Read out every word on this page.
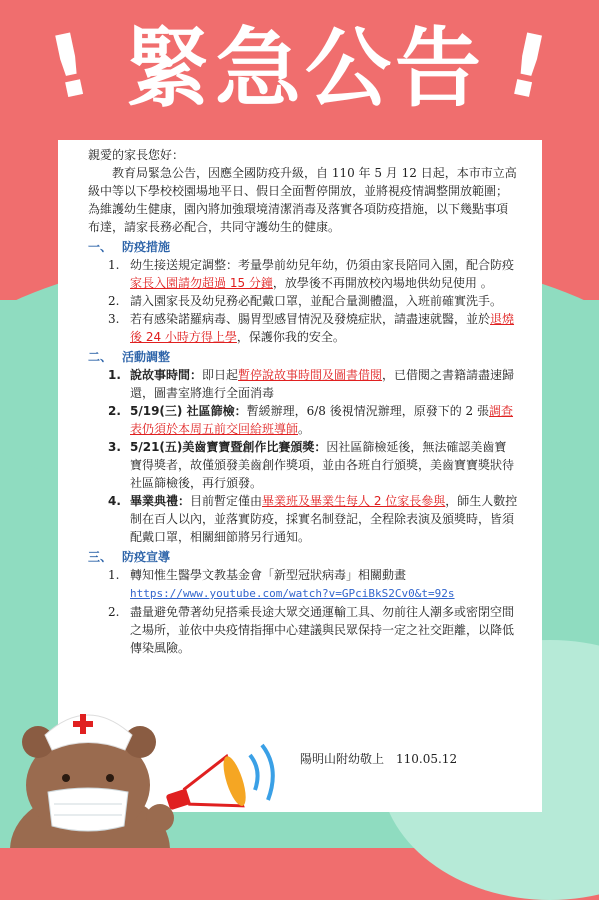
! 緊急公告 !

親愛的家長您好：

教育局緊急公告，因應全國防疫升級，自 110 年 5 月 12 日起，本市市立高級中等以下學校校園場地平日、假日全面暫停開放，並將視疫情調整開放範圍；為維護幼生健康，園內將加強環境清潔消毒及落實各項防疫措施，以下幾點事項布達，請家長務必配合，共同守護幼生的健康。

一、 防疫措施
1. 幼生接送規定調整：考量學前幼兒年幼，仍須由家長陪同入園，配合防疫家長入園請勿超過 15 分鐘，放學後不再開放校內場地供幼兒使用 。
2. 請入園家長及幼兒務必配戴口罩，並配合量測體溫，入班前確實洗手。
3. 若有感染諾羅病毒、腸胃型感冒情況及發燒症狀，請盡速就醫，並於退燒後 24 小時方得上學，保護你我的安全。
二、 活動調整
1. 說故事時間：即日起暫停說故事時間及圖書借閱，已借閱之書籍請盡速歸還，圖書室將進行全面消毒
2. 5/19(三) 社區篩檢：暫緩辦理，6/8 後視情況辦理，原發下的 2 張調查表仍須於本周五前交回給班導師。
3. 5/21(五)美齒寶寶暨創作比賽頒獎：因社區篩檢延後，無法確認美齒寶寶得獎者，故僅頒發美齒創作獎項，並由各班自行頒獎，美齒寶寶獎狀待社區篩檢後，再行頒發。
4. 畢業典禮：目前暫定僅由畢業班及畢業生每人 2 位家長參與，師生人數控制在百人以內，並落實防疫，採實名制登記，全程除表演及頒獎時，皆須配戴口罩，相關細節將另行通知。
三、 防疫宣導
1. 轉知惟生醫學文教基金會「新型冠狀病毒」相關動畫
https://www.youtube.com/watch?v=GPciBkS2Cv0&t=92s
2. 盡量避免帶著幼兒搭乘長途大眾交通運輸工具、勿前往人潮多或密閉空間之場所，並依中央疫情指揮中心建議與民眾保持一定之社交距離，以降低傳染風險。
陽明山附幼敬上　110.05.12
